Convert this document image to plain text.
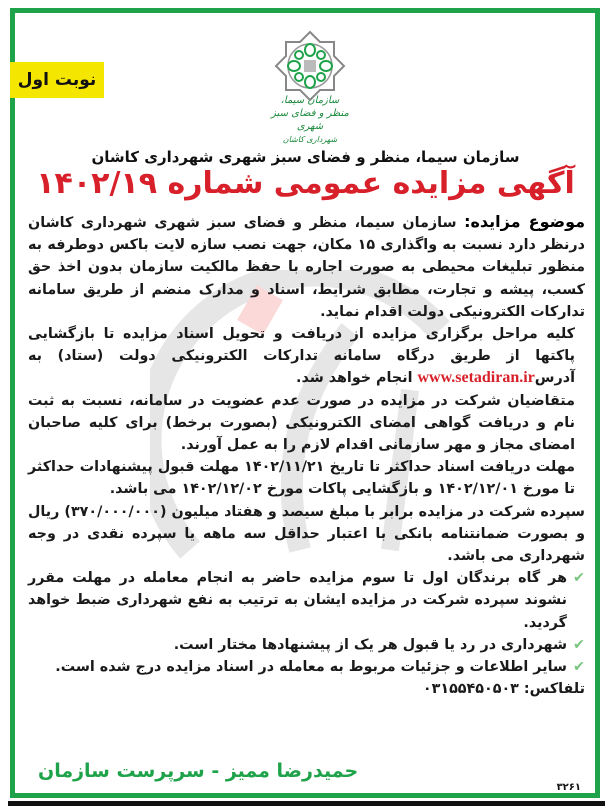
نوبت اول
سازمان سیما، منظر و فضای سبز شهری
شهرداری کاشان
سازمان سیما، منظر و فضای سبز شهری شهرداری کاشان
آگهی مزایده عمومی شماره ۱۴۰۲/۱۹

موضوع مزایده: سازمان سیما، منظر و فضای سبز شهری شهرداری کاشان درنظر دارد نسبت به واگذاری ۱۵ مکان، جهت نصب سازه لایت باکس دوطرفه به منظور تبلیغات محیطی به صورت اجاره با حفظ مالکیت سازمان بدون اخذ حق کسب، پیشه و تجارت، مطابق شرایط، اسناد و مدارک منضم از طریق سامانه تدارکات الکترونیکی دولت اقدام نماید.

کلیه مراحل برگزاری مزایده از دریافت و تحویل اسناد مزایده تا بازگشایی پاکتها از طریق درگاه سامانه تدارکات الکترونیکی دولت (ستاد) به آدرسwww.setadiran.ir انجام خواهد شد.

متقاضیان شرکت در مزایده در صورت عدم عضویت در سامانه، نسبت به ثبت نام و دریافت گواهی امضای الکترونیکی (بصورت برخط) برای کلیه صاحبان امضای مجاز و مهر سازمانی اقدام لازم را به عمل آورند.

مهلت دریافت اسناد حداکثر تا تاریخ ۱۴۰۲/۱۱/۲۱ مهلت قبول پیشنهادات حداکثر تا مورخ ۱۴۰۲/۱۲/۰۱ و بازگشایی پاکات مورخ ۱۴۰۲/۱۲/۰۲ می باشد.

سپرده شرکت در مزایده برابر با مبلغ سیصد و هفتاد میلیون (۳۷۰/۰۰۰/۰۰۰) ریال و بصورت ضمانتنامه بانکی با اعتبار حداقل سه ماهه یا سپرده نقدی در وجه شهرداری می باشد.

✔
هر گاه برندگان اول تا سوم مزایده حاضر به انجام معامله در مهلت مقرر نشوند سپرده شرکت در مزایده ایشان به ترتیب به نفع شهرداری ضبط خواهد گردید.
✔
شهرداری در رد یا قبول هر یک از پیشنهادها مختار است.
✔
سایر اطلاعات و جزئیات مربوط به معامله در اسناد مزایده درج شده است.

تلفاکس: ۰۳۱۵۵۴۵۰۵۰۳

حمیدرضا ممیز - سرپرست سازمان
۳۲۶۱
